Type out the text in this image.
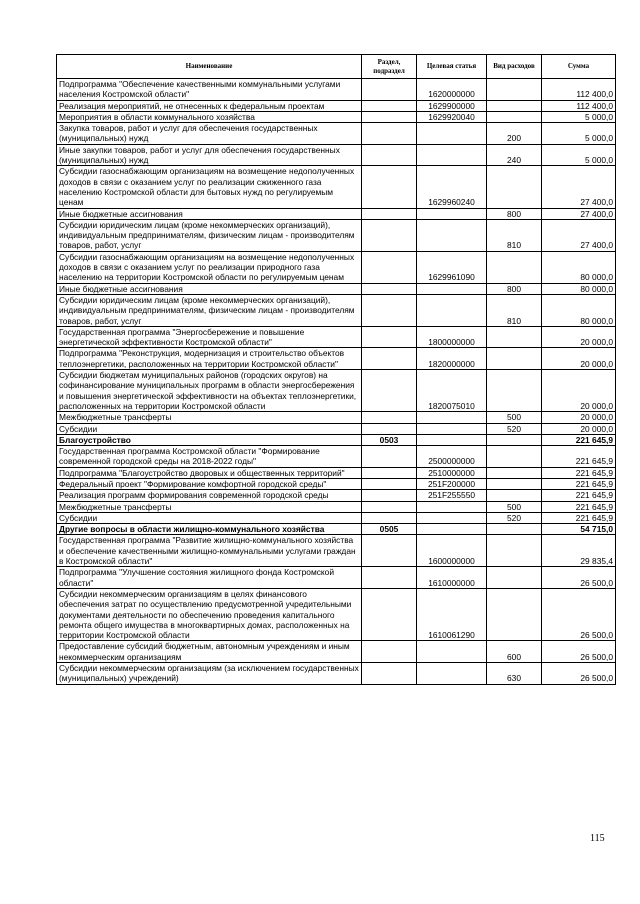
Наименование	Раздел, подраздел	Целевая статья	Вид расходов	Сумма
Подпрограмма "Обеспечение качественными коммунальными услугами населения Костромской области"		1620000000		112 400,0
Реализация мероприятий, не отнесенных к федеральным проектам		1629900000		112 400,0
Мероприятия в области коммунального хозяйства		1629920040		5 000,0
Закупка товаров, работ и услуг для обеспечения государственных (муниципальных) нужд			200	5 000,0
Иные закупки товаров, работ и услуг для обеспечения государственных (муниципальных) нужд			240	5 000,0
Субсидии газоснабжающим организациям на возмещение недополученных доходов в связи с оказанием услуг по реализации сжиженного газа населению Костромской области для бытовых нужд по регулируемым ценам		1629960240		27 400,0
Иные бюджетные ассигнования			800	27 400,0
Субсидии юридическим лицам (кроме некоммерческих организаций), индивидуальным предпринимателям, физическим лицам - производителям товаров, работ, услуг			810	27 400,0
Субсидии газоснабжающим организациям на возмещение недополученных доходов в связи с оказанием услуг по реализации природного газа населению на территории Костромской области по регулируемым ценам		1629961090		80 000,0
Иные бюджетные ассигнования			800	80 000,0
Субсидии юридическим лицам (кроме некоммерческих организаций), индивидуальным предпринимателям, физическим лицам - производителям товаров, работ, услуг			810	80 000,0
Государственная программа "Энергосбережение и повышение энергетической эффективности Костромской области"		1800000000		20 000,0
Подпрограмма "Реконструкция, модернизация и строительство объектов теплоэнергетики, расположенных на территории Костромской области"		1820000000		20 000,0
Субсидии бюджетам муниципальных районов (городских округов) на софинансирование муниципальных программ в области энергосбережения и повышения энергетической эффективности на объектах теплоэнергетики, расположенных на территории Костромской области		1820075010		20 000,0
Межбюджетные трансферты			500	20 000,0
Субсидии			520	20 000,0
Благоустройство	0503			221 645,9
Государственная программа Костромской области "Формирование современной городской среды на 2018-2022 годы"		2500000000		221 645,9
Подпрограмма "Благоустройство дворовых и общественных территорий"		2510000000		221 645,9
Федеральный проект "Формирование комфортной городской среды"		251F200000		221 645,9
Реализация программ формирования современной городской среды		251F255550		221 645,9
Межбюджетные трансферты			500	221 645,9
Субсидии			520	221 645,9
Другие вопросы в области жилищно-коммунального хозяйства	0505			54 715,0
Государственная программа "Развитие жилищно-коммунального хозяйства и обеспечение качественными жилищно-коммунальными услугами граждан в Костромской области"		1600000000		29 835,4
Подпрограмма "Улучшение состояния жилищного фонда Костромской области"		1610000000		26 500,0
Субсидии некоммерческим организациям в целях финансового обеспечения затрат по осуществлению предусмотренной учредительными документами деятельности по обеспечению проведения капитального ремонта общего имущества в многоквартирных домах, расположенных на территории Костромской области		1610061290		26 500,0
Предоставление субсидий бюджетным, автономным учреждениям и иным некоммерческим организациям			600	26 500,0
Субсидии некоммерческим организациям (за исключением государственных (муниципальных) учреждений)			630	26 500,0
115
